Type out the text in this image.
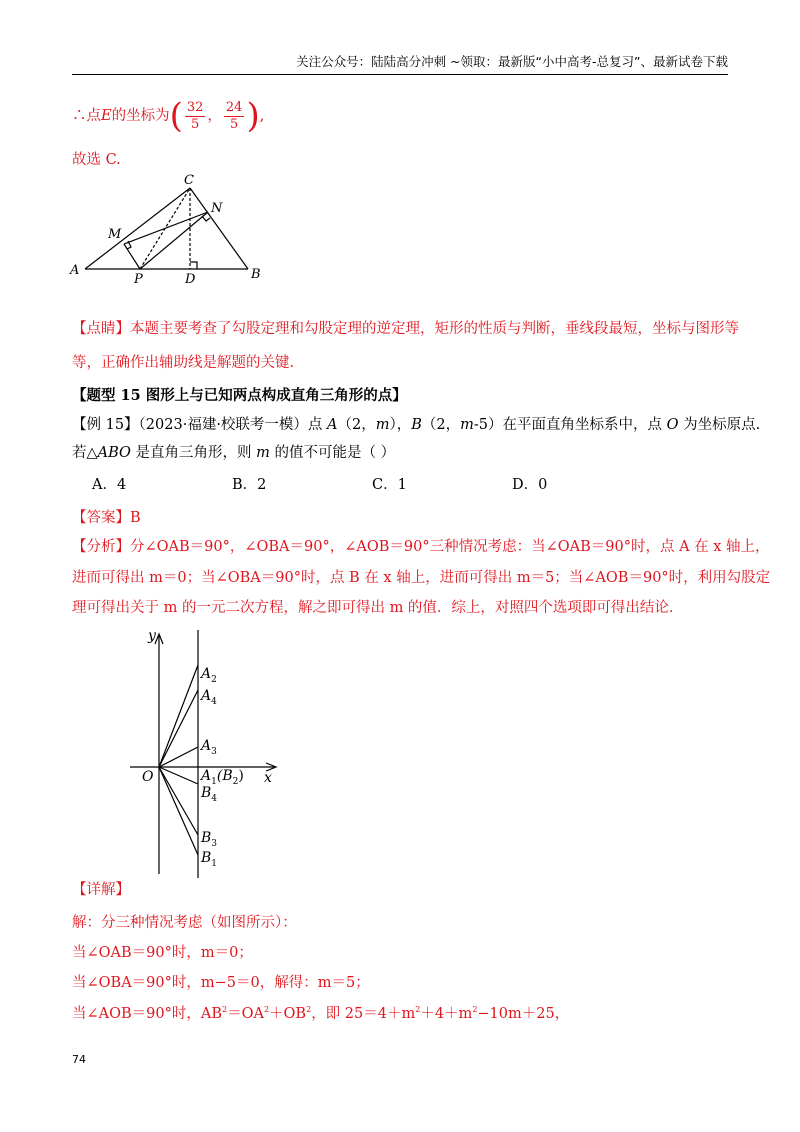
关注公众号：陆陆高分冲刺 ~领取：最新版“小中高考-总复习”、最新试卷下载
∴点E的坐标为( $\frac{32}{5}$ ， $\frac{24}{5}$ ),
故选 C.
A	B
C
D
M
N
P
【点睛】本题主要考查了勾股定理和勾股定理的逆定理，矩形的性质与判断，垂线段最短，坐标与图形等
等，正确作出辅助线是解题的关键.
【题型 15 图形上与已知两点构成直角三角形的点】
【例 15】（2023·福建·校联考一模）点 A（2，m），B（2，m-5）在平面直角坐标系中，点 O 为坐标原点.
若△ABO 是直角三角形，则 m 的值不可能是（ ）
A．4	B．2	C．1	D．0
【答案】B
【分析】分∠OAB＝90°，∠OBA＝90°，∠AOB＝90°三种情况考虑：当∠OAB＝90°时，点 A 在 x 轴上，
进而可得出 m＝0；当∠OBA＝90°时，点 B 在 x 轴上，进而可得出 m＝5；当∠AOB＝90°时，利用勾股定
理可得出关于 m 的一元二次方程，解之即可得出 m 的值．综上，对照四个选项即可得出结论．
y
x
O
$A_2$
$A_4$
$A_3$
$A_1(B_2)$
$B_4$
$B_3$
$B_1$
【详解】
解：分三种情况考虑（如图所示）：
当∠OAB＝90°时，m＝0；
当∠OBA＝90°时，m−5＝0，解得：m＝5；
当∠AOB＝90°时，$AB^2=OA^2+OB^2$，即 $25=4+m^2+4+m^2-10m+25$，
74
